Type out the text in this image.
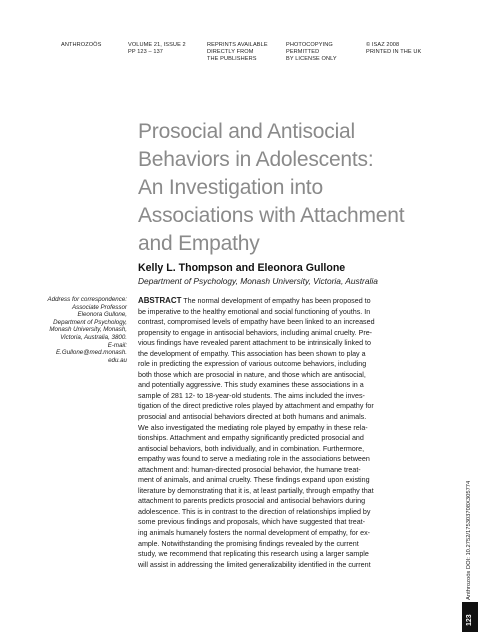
ANTHROZOÖS	VOLUME 21, ISSUE 2
PP 123 – 137
REPRINTS AVAILABLE
DIRECTLY FROM
THE PUBLISHERS
PHOTOCOPYING
PERMITTED
BY LICENSE ONLY
© ISAZ 2008
PRINTED IN THE UK
Prosocial and Antisocial
Behaviors in Adolescents:
An Investigation into
Associations with Attachment
and Empathy
Kelly L. Thompson and Eleonora Gullone
Department of Psychology, Monash University, Victoria, Australia
Address for correspondence:
Associate Professor
Eleonora Gullone,
Department of Psychology,
Monash University, Monash,
Victoria, Australia, 3800.
E-mail:
E.Gullone@med.monash.
edu.au
ABSTRACT The normal development of empathy has been proposed to
be imperative to the healthy emotional and social functioning of youths. In
contrast, compromised levels of empathy have been linked to an increased
propensity to engage in antisocial behaviors, including animal cruelty. Pre-
vious findings have revealed parent attachment to be intrinsically linked to
the development of empathy. This association has been shown to play a
role in predicting the expression of various outcome behaviors, including
both those which are prosocial in nature, and those which are antisocial,
and potentially aggressive. This study examines these associations in a
sample of 281 12- to 18-year-old students. The aims included the inves-
tigation of the direct predictive roles played by attachment and empathy for
prosocial and antisocial behaviors directed at both humans and animals.
We also investigated the mediating role played by empathy in these rela-
tionships. Attachment and empathy significantly predicted prosocial and
antisocial behaviors, both individually, and in combination. Furthermore,
empathy was found to serve a mediating role in the associations between
attachment and: human-directed prosocial behavior, the humane treat-
ment of animals, and animal cruelty. These findings expand upon existing
literature by demonstrating that it is, at least partially, through empathy that
attachment to parents predicts prosocial and antisocial behaviors during
adolescence. This is in contrast to the direction of relationships implied by
some previous findings and proposals, which have suggested that treat-
ing animals humanely fosters the normal development of empathy, for ex-
ample. Notwithstanding the promising findings revealed by the current
study, we recommend that replicating this research using a larger sample
will assist in addressing the limited generalizability identified in the current	Anthrozoös DOI: 10.2752/175303708X305774
123
